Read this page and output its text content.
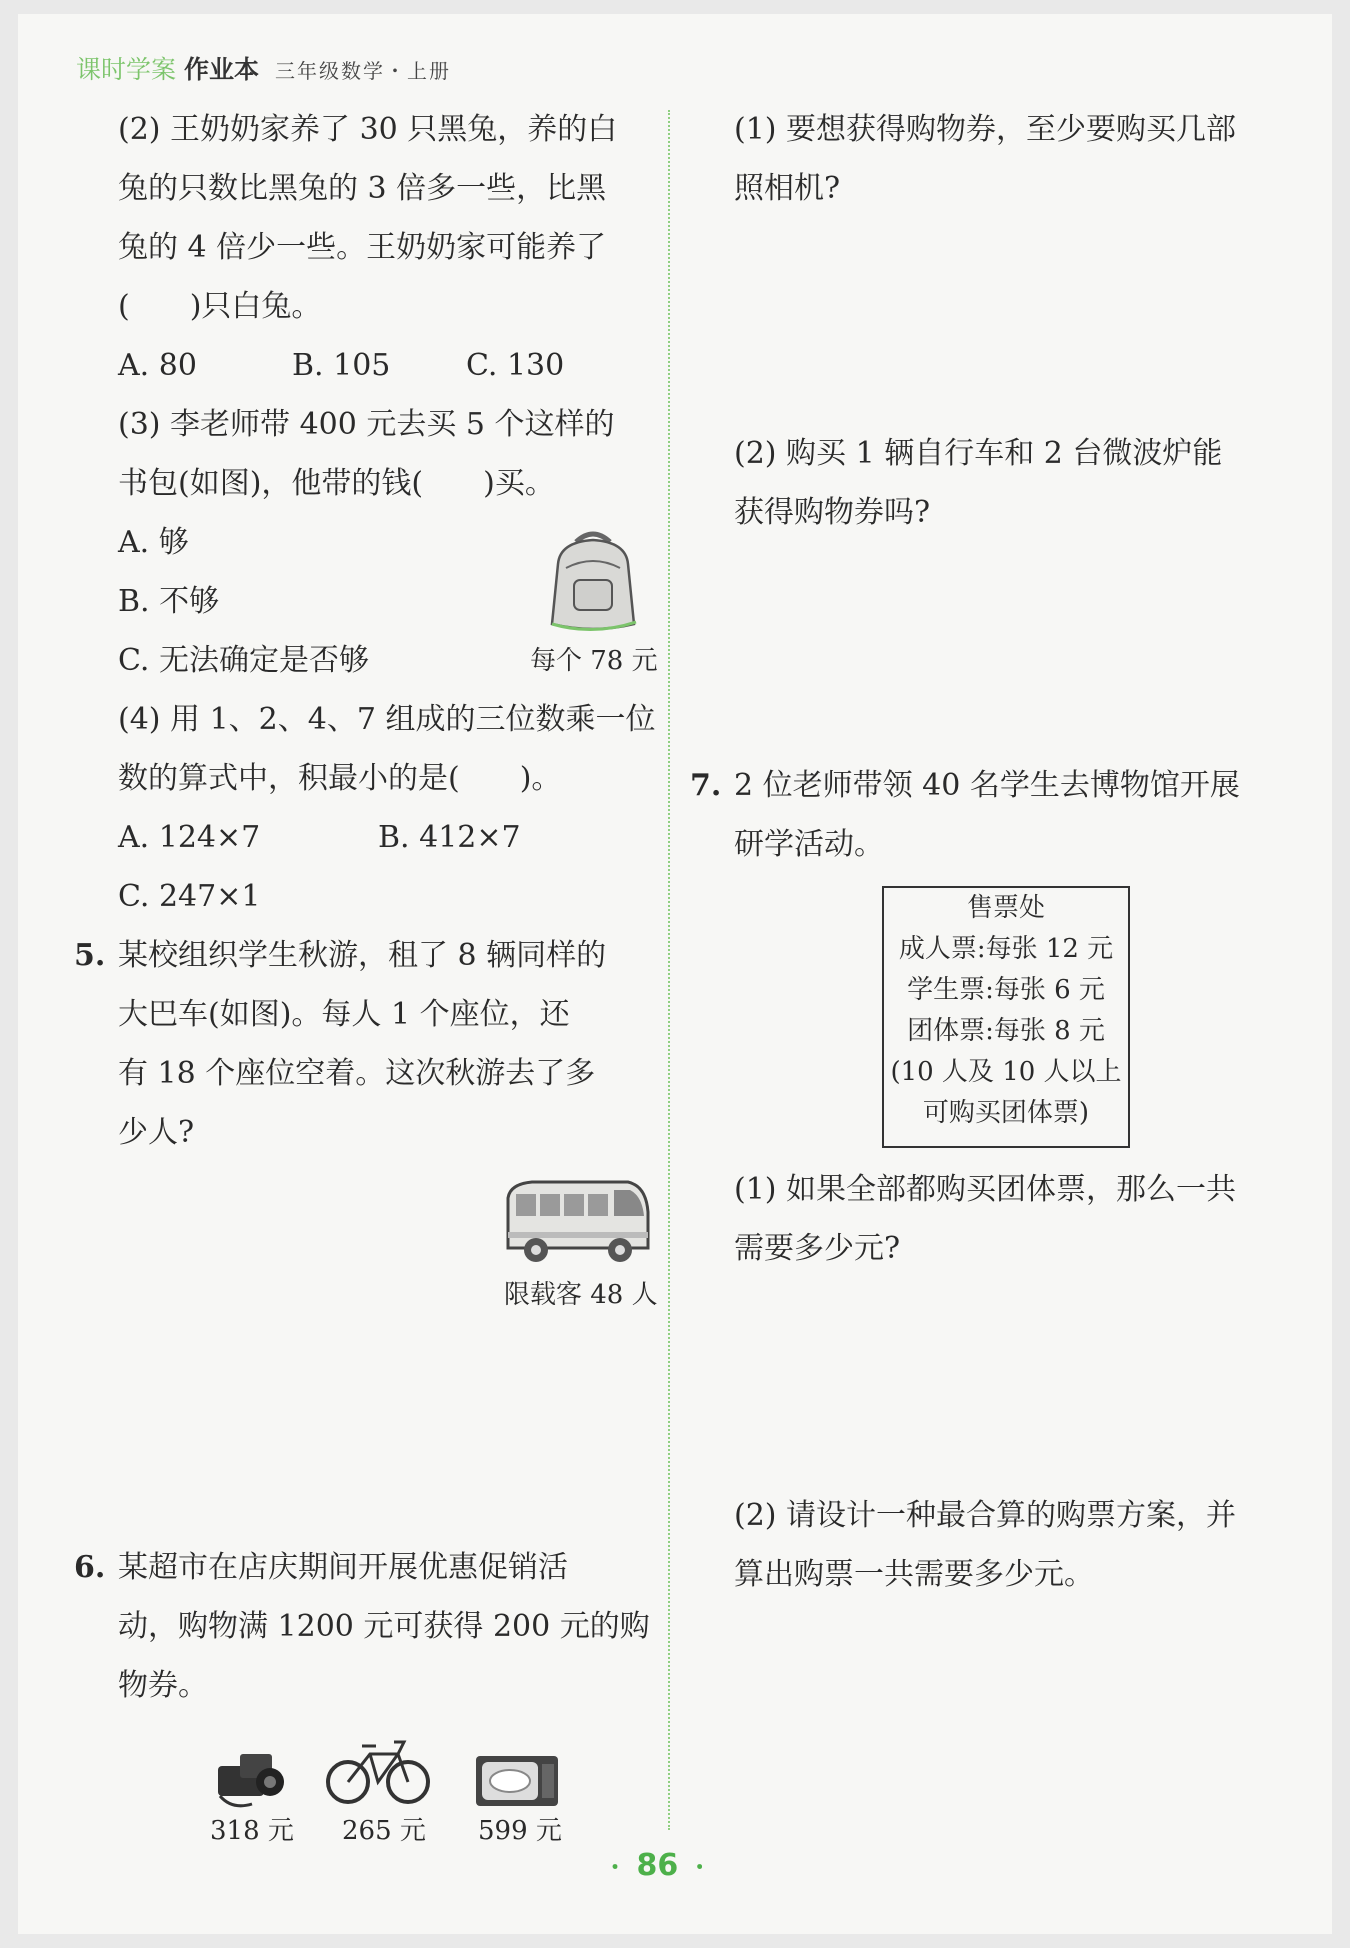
课时学案 作业本 三年级数学・上册
(2) 王奶奶家养了 30 只黑兔，养的白
兔的只数比黑兔的 3 倍多一些，比黑
兔的 4 倍少一些。王奶奶家可能养了
(　　)只白兔。
A. 80	B. 105	C. 130
(3) 李老师带 400 元去买 5 个这样的
书包(如图)，他带的钱(　　)买。
A. 够
B. 不够
C. 无法确定是否够	每个 78 元
(4) 用 1、2、4、7 组成的三位数乘一位
数的算式中，积最小的是(　　)。
A. 124×7	B. 412×7
C. 247×1
5. 某校组织学生秋游，租了 8 辆同样的
大巴车(如图)。每人 1 个座位，还
有 18 个座位空着。这次秋游去了多
少人?
限载客 48 人
6. 某超市在店庆期间开展优惠促销活
动，购物满 1200 元可获得 200 元的购
物券。
318 元 265 元 599 元
(1) 要想获得购物券，至少要购买几部
照相机?
(2) 购买 1 辆自行车和 2 台微波炉能
获得购物券吗?
7. 2 位老师带领 40 名学生去博物馆开展
研学活动。
售票处
成人票:每张 12 元
学生票:每张 6 元
团体票:每张 8 元
(10 人及 10 人以上
可购买团体票)
(1) 如果全部都购买团体票，那么一共
需要多少元?
(2) 请设计一种最合算的购票方案，并
算出购票一共需要多少元。
・ 86 ・
